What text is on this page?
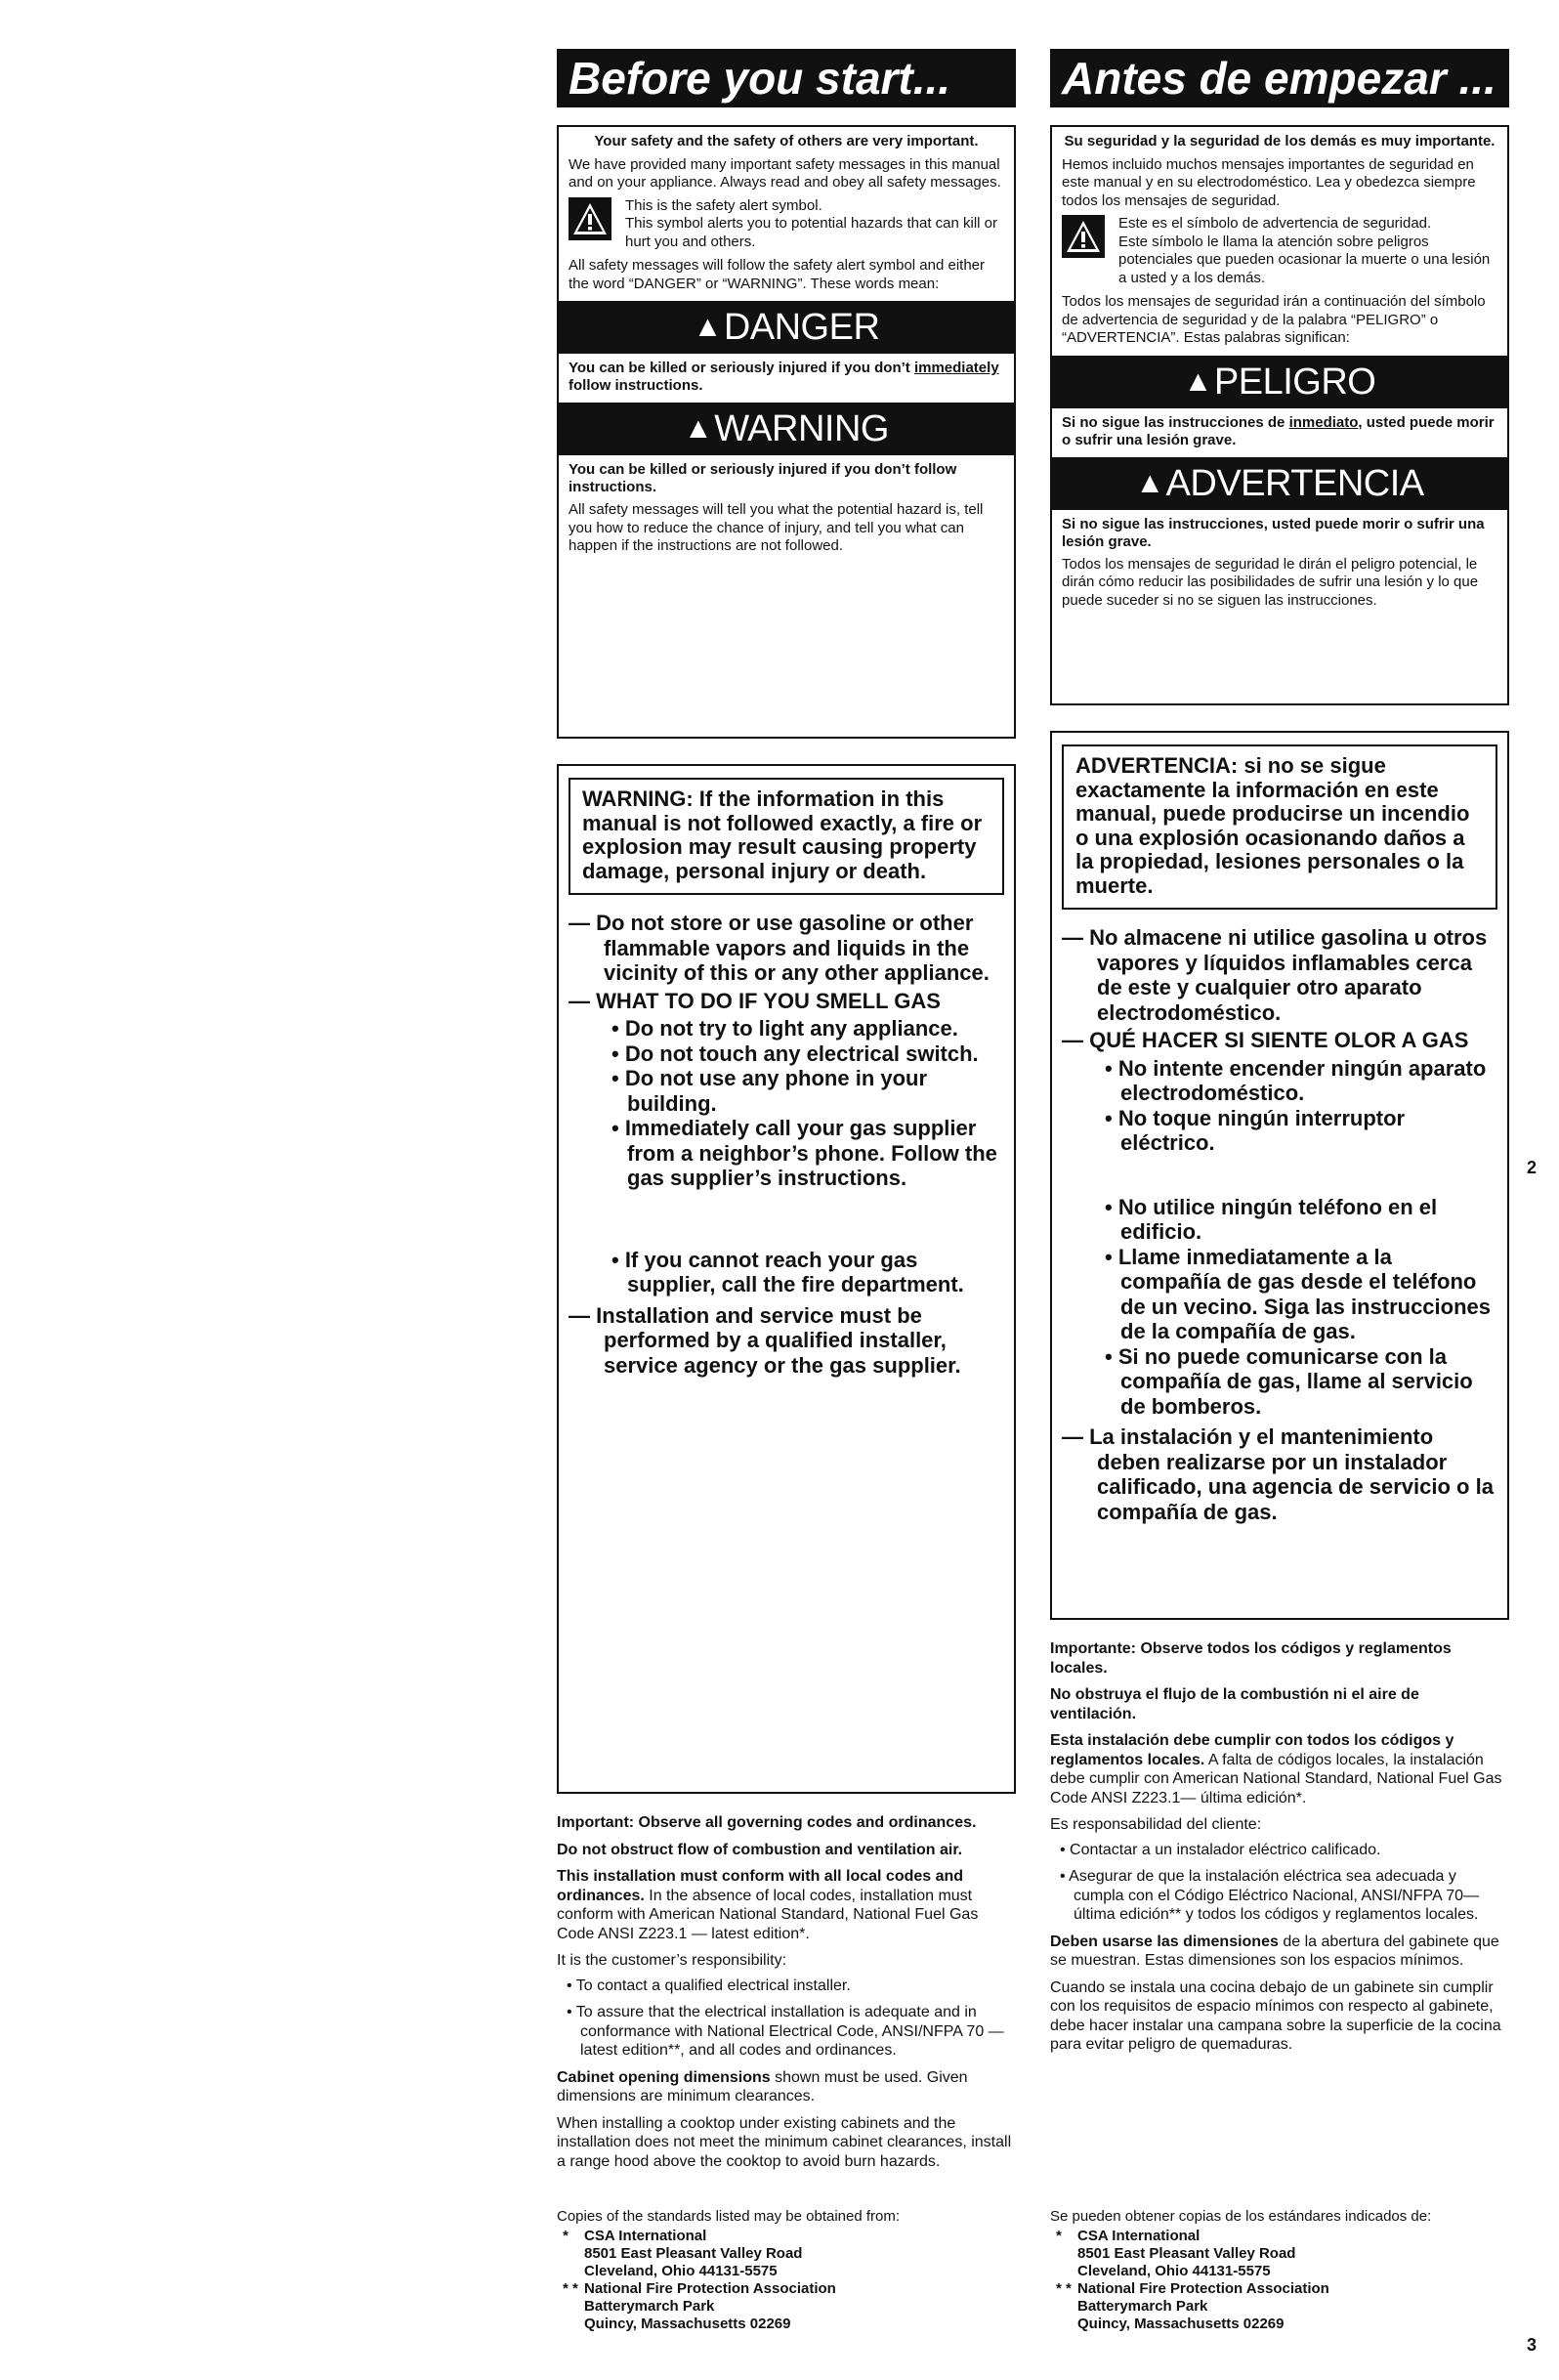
Before you start...

Your safety and the safety of others are very important.

We have provided many important safety messages in this manual and on your appliance. Always read and obey all safety messages.

This is the safety alert symbol.

This symbol alerts you to potential hazards that can kill or hurt you and others.

All safety messages will follow the safety alert symbol and either the word “DANGER” or “WARNING”. These words mean:

▲DANGER

You can be killed or seriously injured if you don’t immediately follow instructions.

▲WARNING

You can be killed or seriously injured if you don’t follow instructions.

All safety messages will tell you what the potential hazard is, tell you how to reduce the chance of injury, and tell you what can happen if the instructions are not followed.

WARNING: If the information in this manual is not followed exactly, a fire or explosion may result causing property damage, personal injury or death.

— Do not store or use gasoline or other flammable vapors and liquids in the vicinity of this or any other appliance.

— WHAT TO DO IF YOU SMELL GAS

• Do not try to light any appliance.

• Do not touch any electrical switch.

• Do not use any phone in your building.

• Immediately call your gas supplier from a neighbor’s phone. Follow the gas supplier’s instructions.

• If you cannot reach your gas supplier, call the fire department.

— Installation and service must be performed by a qualified installer, service agency or the gas supplier.

Important: Observe all governing codes and ordinances.

Do not obstruct flow of combustion and ventilation air.

This installation must conform with all local codes and ordinances. In the absence of local codes, installation must conform with American National Standard, National Fuel Gas Code ANSI Z223.1 — latest edition*.

It is the customer’s responsibility:

• To contact a qualified electrical installer.

• To assure that the electrical installation is adequate and in conformance with National Electrical Code, ANSI/NFPA 70 — latest edition**, and all codes and ordinances.

Cabinet opening dimensions shown must be used. Given dimensions are minimum clearances.

When installing a cooktop under existing cabinets and the installation does not meet the minimum cabinet clearances, install a range hood above the cooktop to avoid burn hazards.

Copies of the standards listed may be obtained from:

* CSA International

8501 East Pleasant Valley Road

Cleveland, Ohio 44131-5575

* * National Fire Protection Association

Batterymarch Park

Quincy, Massachusetts 02269

Antes de empezar ...

Su seguridad y la seguridad de los demás es muy importante.

Hemos incluido muchos mensajes importantes de seguridad en este manual y en su electrodoméstico. Lea y obedezca siempre todos los mensajes de seguridad.

Este es el símbolo de advertencia de seguridad.

Este símbolo le llama la atención sobre peligros potenciales que pueden ocasionar la muerte o una lesión a usted y a los demás.

Todos los mensajes de seguridad irán a continuación del símbolo de advertencia de seguridad y de la palabra “PELIGRO” o “ADVERTENCIA”. Estas palabras significan:

▲PELIGRO

Si no sigue las instrucciones de inmediato, usted puede morir o sufrir una lesión grave.

▲ADVERTENCIA

Si no sigue las instrucciones, usted puede morir o sufrir una lesión grave.

Todos los mensajes de seguridad le dirán el peligro potencial, le dirán cómo reducir las posibilidades de sufrir una lesión y lo que puede suceder si no se siguen las instrucciones.

ADVERTENCIA: si no se sigue exactamente la información en este manual, puede producirse un incendio o una explosión ocasionando daños a la propiedad, lesiones personales o la muerte.

— No almacene ni utilice gasolina u otros vapores y líquidos inflamables cerca de este y cualquier otro aparato electrodoméstico.

— QUÉ HACER SI SIENTE OLOR A GAS

• No intente encender ningún aparato electrodoméstico.

• No toque ningún interruptor eléctrico.

• No utilice ningún teléfono en el edificio.

• Llame inmediatamente a la compañía de gas desde el teléfono de un vecino. Siga las instrucciones de la compañía de gas.

• Si no puede comunicarse con la compañía de gas, llame al servicio de bomberos.

— La instalación y el mantenimiento deben realizarse por un instalador calificado, una agencia de servicio o la compañía de gas.

Importante: Observe todos los códigos y reglamentos locales.

No obstruya el flujo de la combustión ni el aire de ventilación.

Esta instalación debe cumplir con todos los códigos y reglamentos locales. A falta de códigos locales, la instalación debe cumplir con American National Standard, National Fuel Gas Code ANSI Z223.1— última edición*.

Es responsabilidad del cliente:

• Contactar a un instalador eléctrico calificado.

• Asegurar de que la instalación eléctrica sea adecuada y cumpla con el Código Eléctrico Nacional, ANSI/NFPA 70—última edición** y todos los códigos y reglamentos locales.

Deben usarse las dimensiones de la abertura del gabinete que se muestran. Estas dimensiones son los espacios mínimos.

Cuando se instala una cocina debajo de un gabinete sin cumplir con los requisitos de espacio mínimos con respecto al gabinete, debe hacer instalar una campana sobre la superficie de la cocina para evitar peligro de quemaduras.

Se pueden obtener copias de los estándares indicados de:

* CSA International

8501 East Pleasant Valley Road

Cleveland, Ohio 44131-5575

* * National Fire Protection Association

Batterymarch Park

Quincy, Massachusetts 02269

2
3
